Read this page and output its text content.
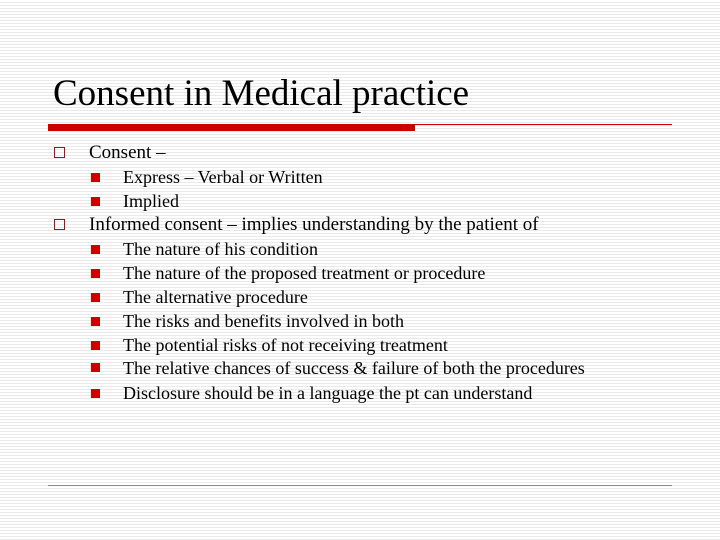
Consent in Medical practice
Consent –
Express – Verbal or Written
Implied
Informed consent – implies understanding by the patient of
The nature of his condition
The nature of the proposed treatment or procedure
The alternative procedure
The risks and benefits involved in both
The potential risks of not receiving treatment
The relative chances of success & failure of both the procedures
Disclosure should be in a language the pt can understand
